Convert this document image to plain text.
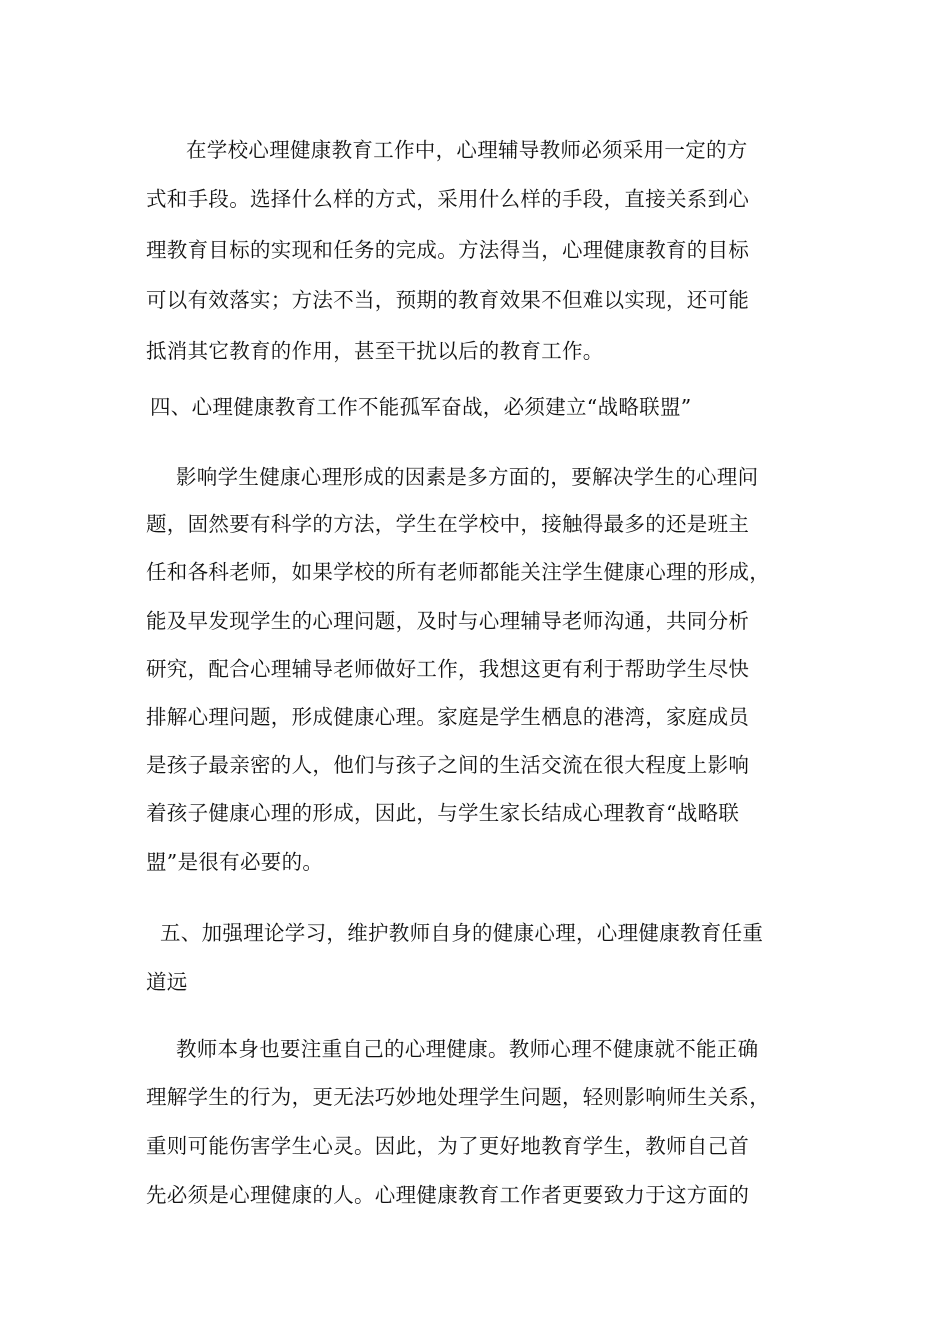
在学校心理健康教育工作中，心理辅导教师必须采用一定的方

式和手段。选择什么样的方式，采用什么样的手段，直接关系到心

理教育目标的实现和任务的完成。方法得当，心理健康教育的目标

可以有效落实；方法不当，预期的教育效果不但难以实现，还可能

抵消其它教育的作用，甚至干扰以后的教育工作。

四、心理健康教育工作不能孤军奋战，必须建立“战略联盟”

影响学生健康心理形成的因素是多方面的，要解决学生的心理问

题，固然要有科学的方法，学生在学校中，接触得最多的还是班主

任和各科老师，如果学校的所有老师都能关注学生健康心理的形成，

能及早发现学生的心理问题，及时与心理辅导老师沟通，共同分析

研究，配合心理辅导老师做好工作，我想这更有利于帮助学生尽快

排解心理问题，形成健康心理。家庭是学生栖息的港湾，家庭成员

是孩子最亲密的人，他们与孩子之间的生活交流在很大程度上影响

着孩子健康心理的形成，因此，与学生家长结成心理教育“战略联

盟”是很有必要的。

五、加强理论学习，维护教师自身的健康心理，心理健康教育任重

道远

教师本身也要注重自己的心理健康。教师心理不健康就不能正确

理解学生的行为，更无法巧妙地处理学生问题，轻则影响师生关系，

重则可能伤害学生心灵。因此，为了更好地教育学生，教师自己首

先必须是心理健康的人。心理健康教育工作者更要致力于这方面的
